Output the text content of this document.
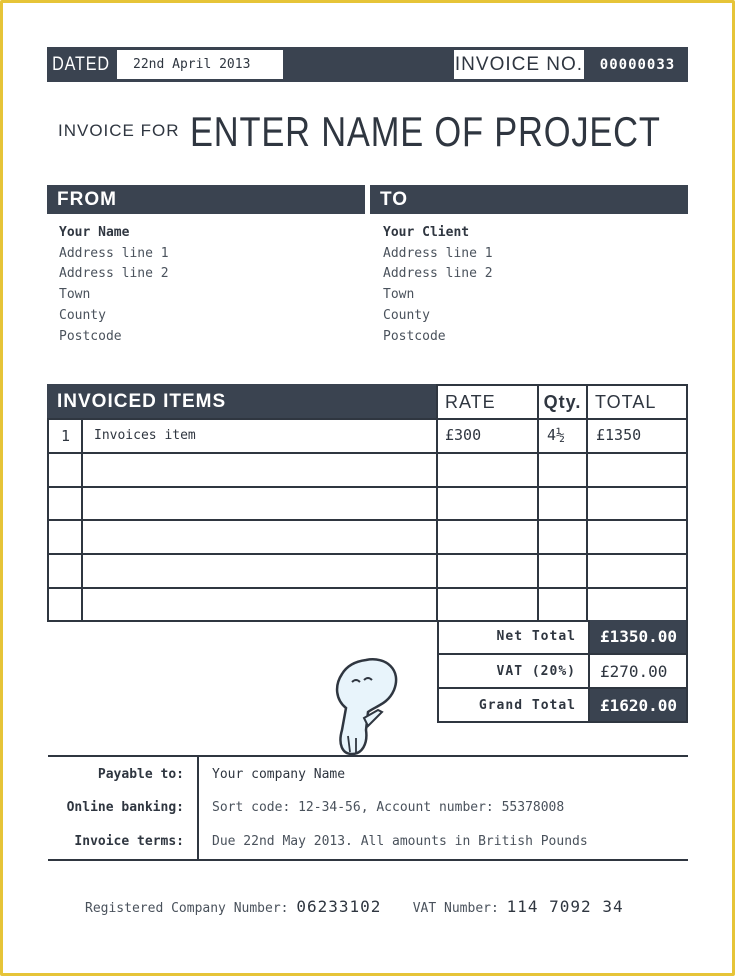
DATED	22nd April 2013	INVOICE NO.	00000033
INVOICE FOR ENTER NAME OF PROJECT
FROM	TO
Your Name
Address line 1
Address line 2
Town
County
Postcode
Your Client
Address line 1
Address line 2
Town
County
Postcode
INVOICED ITEMS	RATE	Qty. TOTAL
1 Invoices item	£300	4½ £1350
Net Total	£1350.00
VAT (20%)	£270.00
Grand Total	£1620.00
Payable to: Your company Name
Online banking: Sort code: 12-34-56, Account number: 55378008
Invoice terms: Due 22nd May 2013. All amounts in British Pounds
Registered Company Number: 06233102 VAT Number: 114 7092 34
